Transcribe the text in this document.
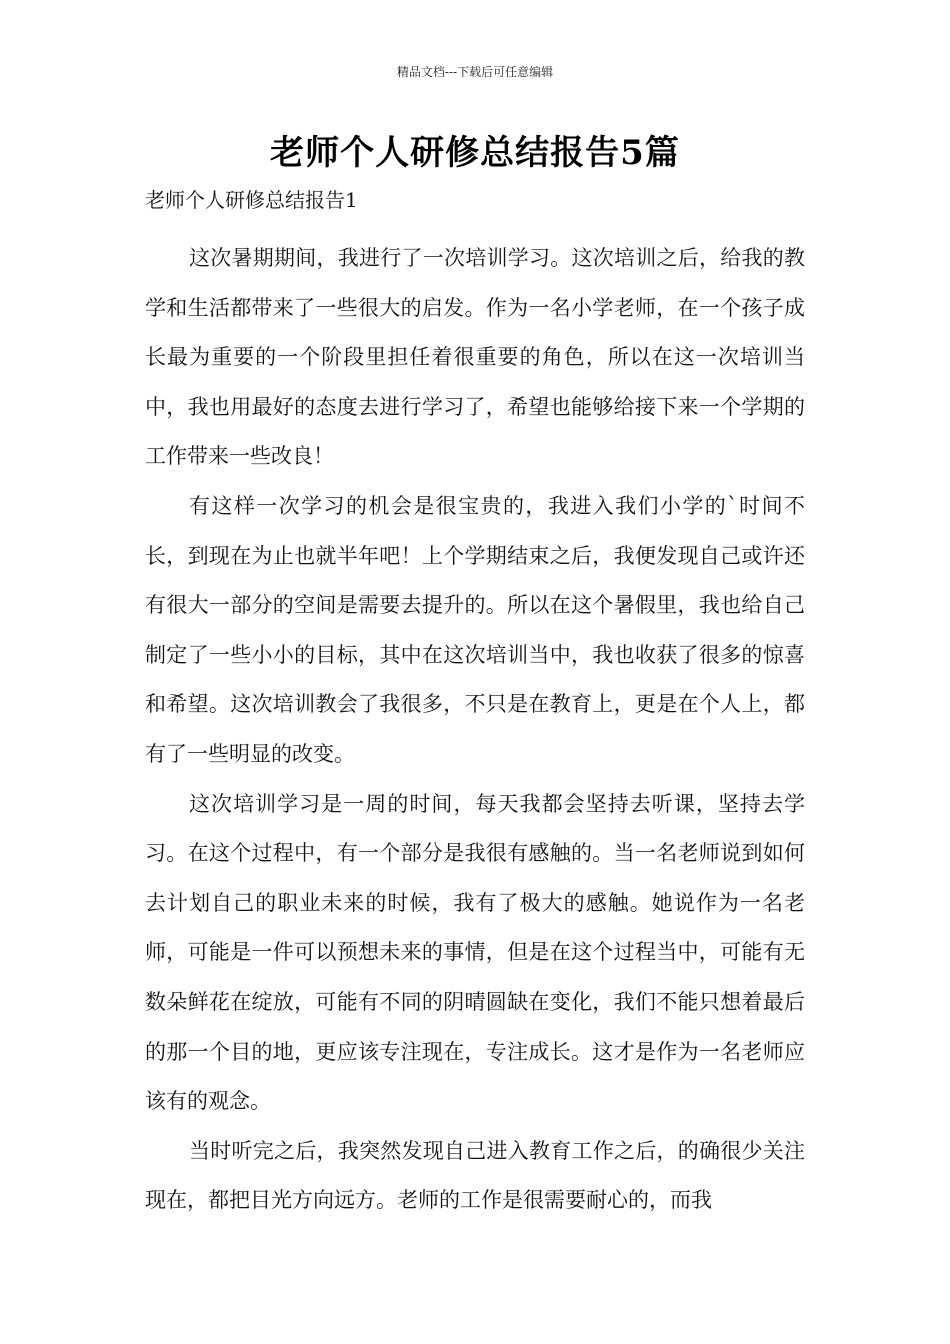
精品文档---下载后可任意编辑
老师个人研修总结报告5篇
老师个人研修总结报告1

这次暑期期间，我进行了一次培训学习。这次培训之后，给我的教学和生活都带来了一些很大的启发。作为一名小学老师，在一个孩子成长最为重要的一个阶段里担任着很重要的角色，所以在这一次培训当中，我也用最好的态度去进行学习了，希望也能够给接下来一个学期的工作带来一些改良！

有这样一次学习的机会是很宝贵的，我进入我们小学的`时间不长，到现在为止也就半年吧！上个学期结束之后，我便发现自己或许还有很大一部分的空间是需要去提升的。所以在这个暑假里，我也给自己制定了一些小小的目标，其中在这次培训当中，我也收获了很多的惊喜和希望。这次培训教会了我很多，不只是在教育上，更是在个人上，都有了一些明显的改变。

这次培训学习是一周的时间，每天我都会坚持去听课，坚持去学习。在这个过程中，有一个部分是我很有感触的。当一名老师说到如何去计划自己的职业未来的时候，我有了极大的感触。她说作为一名老师，可能是一件可以预想未来的事情，但是在这个过程当中，可能有无数朵鲜花在绽放，可能有不同的阴晴圆缺在变化，我们不能只想着最后的那一个目的地，更应该专注现在，专注成长。这才是作为一名老师应该有的观念。

当时听完之后，我突然发现自己进入教育工作之后，的确很少关注现在，都把目光方向远方。老师的工作是很需要耐心的，而我
